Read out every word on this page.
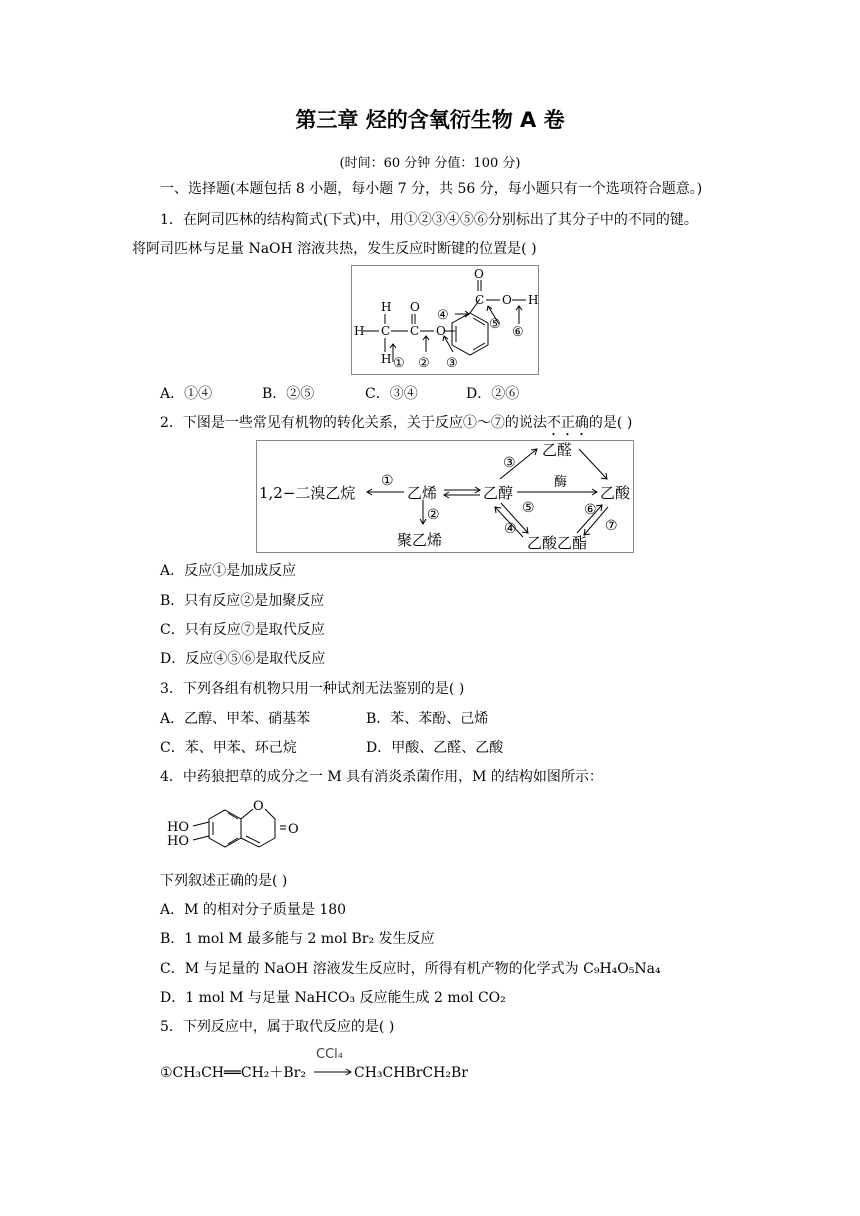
第三章 烃的含氧衍生物 A 卷
(时间：60 分钟 分值：100 分)
一、选择题(本题包括 8 小题，每小题 7 分，共 56 分，每小题只有一个选项符合题意。)
1．在阿司匹林的结构简式(下式)中，用①②③④⑤⑥分别标出了其分子中的不同的键。
将阿司匹林与足量 NaOH 溶液共热，发生反应时断键的位置是( )
O
C O H
H
H C
H
O
C O
① ② ③
④
⑤
⑥
A．①④	B．②⑤	C．③④	D．②⑥
2．下图是一些常见有机物的转化关系，关于反应①～⑦的说法不正确的是( )
1,2−二溴乙烷	乙烯	乙醇
乙醛
乙酸
聚乙烯	乙酸乙酯
酶
①
②
③
④
⑤	⑥
⑦
A．反应①是加成反应
B．只有反应②是加聚反应
C．只有反应⑦是取代反应
D．反应④⑤⑥是取代反应
3．下列各组有机物只用一种试剂无法鉴别的是( )
A．乙醇、甲苯、硝基苯	B．苯、苯酚、己烯
C．苯、甲苯、环己烷	D．甲酸、乙醛、乙酸
4．中药狼把草的成分之一 M 具有消炎杀菌作用，M 的结构如图所示：
HO
HO
O
O
下列叙述正确的是( )
A．M 的相对分子质量是 180
B．1 mol M 最多能与 2 mol Br₂ 发生反应
C．M 与足量的 NaOH 溶液发生反应时，所得有机产物的化学式为 C₉H₄O₅Na₄
D．1 mol M 与足量 NaHCO₃ 反应能生成 2 mol CO₂
5．下列反应中，属于取代反应的是( )
①CH₃CH══CH₂＋Br₂
CCl₄
→ CH₃CHBrCH₂Br
